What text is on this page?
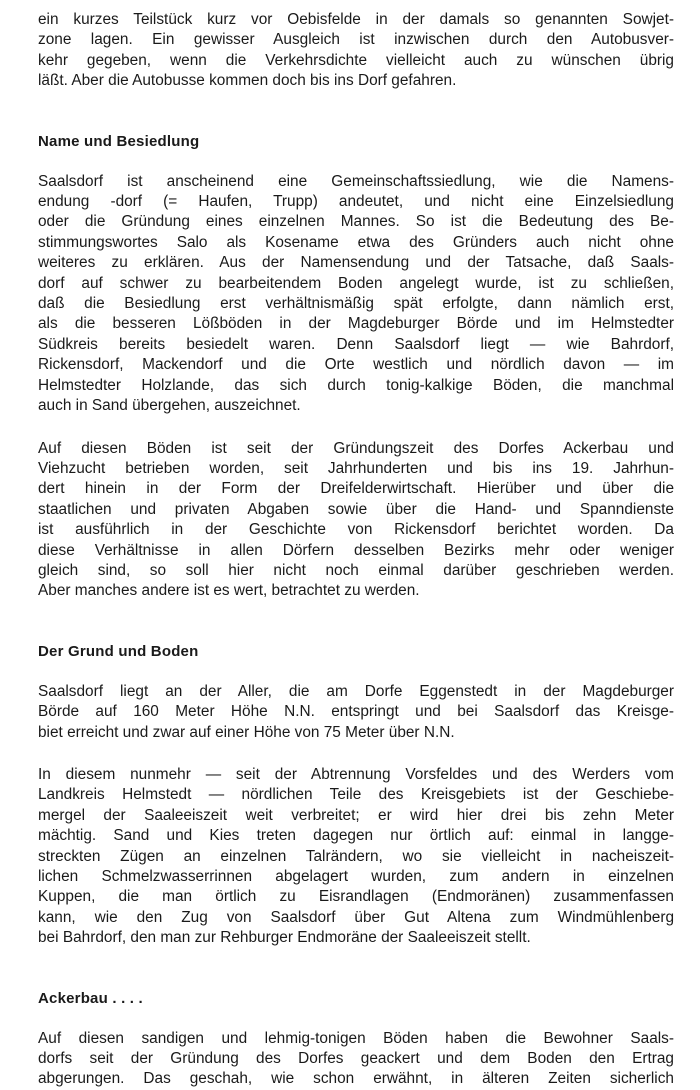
ein kurzes Teilstück kurz vor Oebisfelde in der damals so genannten Sowjet-
zone lagen. Ein gewisser Ausgleich ist inzwischen durch den Autobusver-
kehr gegeben, wenn die Verkehrsdichte vielleicht auch zu wünschen übrig
läßt. Aber die Autobusse kommen doch bis ins Dorf gefahren.

Name und Besiedlung

Saalsdorf ist anscheinend eine Gemeinschaftssiedlung, wie die Namens-
endung -dorf (= Haufen, Trupp) andeutet, und nicht eine Einzelsiedlung
oder die Gründung eines einzelnen Mannes. So ist die Bedeutung des Be-
stimmungswortes Salo als Kosename etwa des Gründers auch nicht ohne
weiteres zu erklären. Aus der Namensendung und der Tatsache, daß Saals-
dorf auf schwer zu bearbeitendem Boden angelegt wurde, ist zu schließen,
daß die Besiedlung erst verhältnismäßig spät erfolgte, dann nämlich erst,
als die besseren Lößböden in der Magdeburger Börde und im Helmstedter
Südkreis bereits besiedelt waren. Denn Saalsdorf liegt — wie Bahrdorf,
Rickensdorf, Mackendorf und die Orte westlich und nördlich davon — im
Helmstedter Holzlande, das sich durch tonig-kalkige Böden, die manchmal
auch in Sand übergehen, auszeichnet.

Auf diesen Böden ist seit der Gründungszeit des Dorfes Ackerbau und
Viehzucht betrieben worden, seit Jahrhunderten und bis ins 19. Jahrhun-
dert hinein in der Form der Dreifelderwirtschaft. Hierüber und über die
staatlichen und privaten Abgaben sowie über die Hand- und Spanndienste
ist ausführlich in der Geschichte von Rickensdorf berichtet worden. Da
diese Verhältnisse in allen Dörfern desselben Bezirks mehr oder weniger
gleich sind, so soll hier nicht noch einmal darüber geschrieben werden.
Aber manches andere ist es wert, betrachtet zu werden.

Der Grund und Boden

Saalsdorf liegt an der Aller, die am Dorfe Eggenstedt in der Magdeburger
Börde auf 160 Meter Höhe N.N. entspringt und bei Saalsdorf das Kreisge-
biet erreicht und zwar auf einer Höhe von 75 Meter über N.N.

In diesem nunmehr — seit der Abtrennung Vorsfeldes und des Werders vom
Landkreis Helmstedt — nördlichen Teile des Kreisgebiets ist der Geschiebe-
mergel der Saaleeiszeit weit verbreitet; er wird hier drei bis zehn Meter
mächtig. Sand und Kies treten dagegen nur örtlich auf: einmal in langge-
streckten Zügen an einzelnen Talrändern, wo sie vielleicht in nacheiszeit-
lichen Schmelzwasserrinnen abgelagert wurden, zum andern in einzelnen
Kuppen, die man örtlich zu Eisrandlagen (Endmoränen) zusammenfassen
kann, wie den Zug von Saalsdorf über Gut Altena zum Windmühlenberg
bei Bahrdorf, den man zur Rehburger Endmoräne der Saaleeiszeit stellt.

Ackerbau . . . .

Auf diesen sandigen und lehmig-tonigen Böden haben die Bewohner Saals-
dorfs seit der Gründung des Dorfes geackert und dem Boden den Ertrag
abgerungen. Das geschah, wie schon erwähnt, in älteren Zeiten sicherlich
